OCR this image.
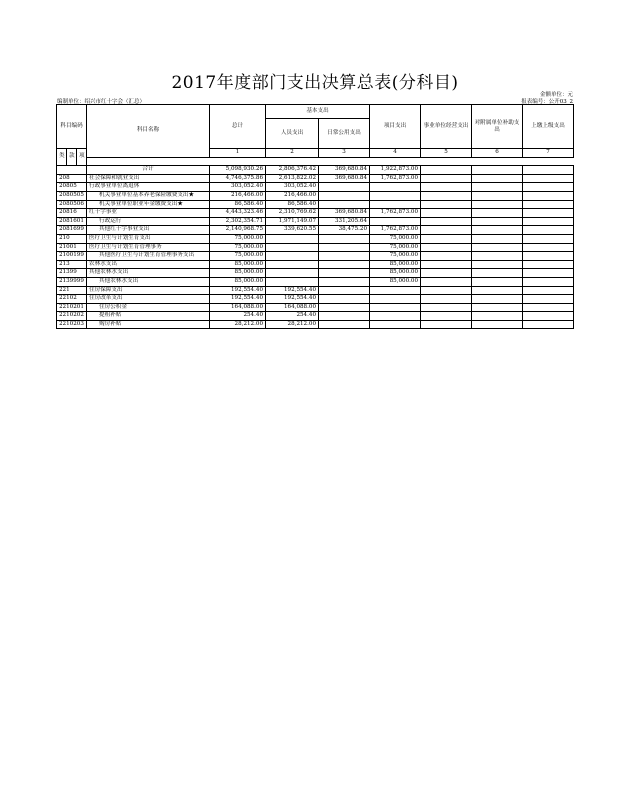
2017年度部门支出决算总表(分科目)
金额单位：元
编制单位：绍兴市红十字会（汇总）	报表编号：公开03_2
科目编码			科目名称	总计	基本支出		项目支出	事业单位经营支出	对附属单位补助支出	上缴上级支出
					人员支出	日常公用支出				

类	款	项		1	2	3	4	5	6	7

			合计	5,098,930.26	2,806,376.42	369,680.84	1,922,873.00			
208			社会保障和就业支出	4,746,375.86	2,613,822.02	369,680.84	1,762,873.00			
20805			行政事业单位离退休	303,052.40	303,052.40					
2080505			机关事业单位基本养老保险缴费支出★	216,466.00	216,466.00					
2080506			机关事业单位职业年金缴费支出★	86,586.40	86,586.40					
20816			红十字事业	4,443,323.46	2,310,769.62	369,680.84	1,762,873.00			
2081601			行政运行	2,302,354.71	1,971,149.07	331,205.64				
2081699			其他红十字事业支出	2,140,968.75	339,620.55	38,475.20	1,762,873.00			
210			医疗卫生与计划生育支出	75,000.00			75,000.00			
21001			医疗卫生与计划生育管理事务	75,000.00			75,000.00			
2100199			其他医疗卫生与计划生育管理事务支出	75,000.00			75,000.00			
213			农林水支出	85,000.00			85,000.00			
21399			其他农林水支出	85,000.00			85,000.00			
2139999			其他农林水支出	85,000.00			85,000.00			
221			住房保障支出	192,554.40	192,554.40					
22102			住房改革支出	192,554.40	192,554.40					
2210201			住房公积金	164,088.00	164,088.00					
2210202			提租补贴	254.40	254.40					
2210203			购房补贴	28,212.00	28,212.00					
